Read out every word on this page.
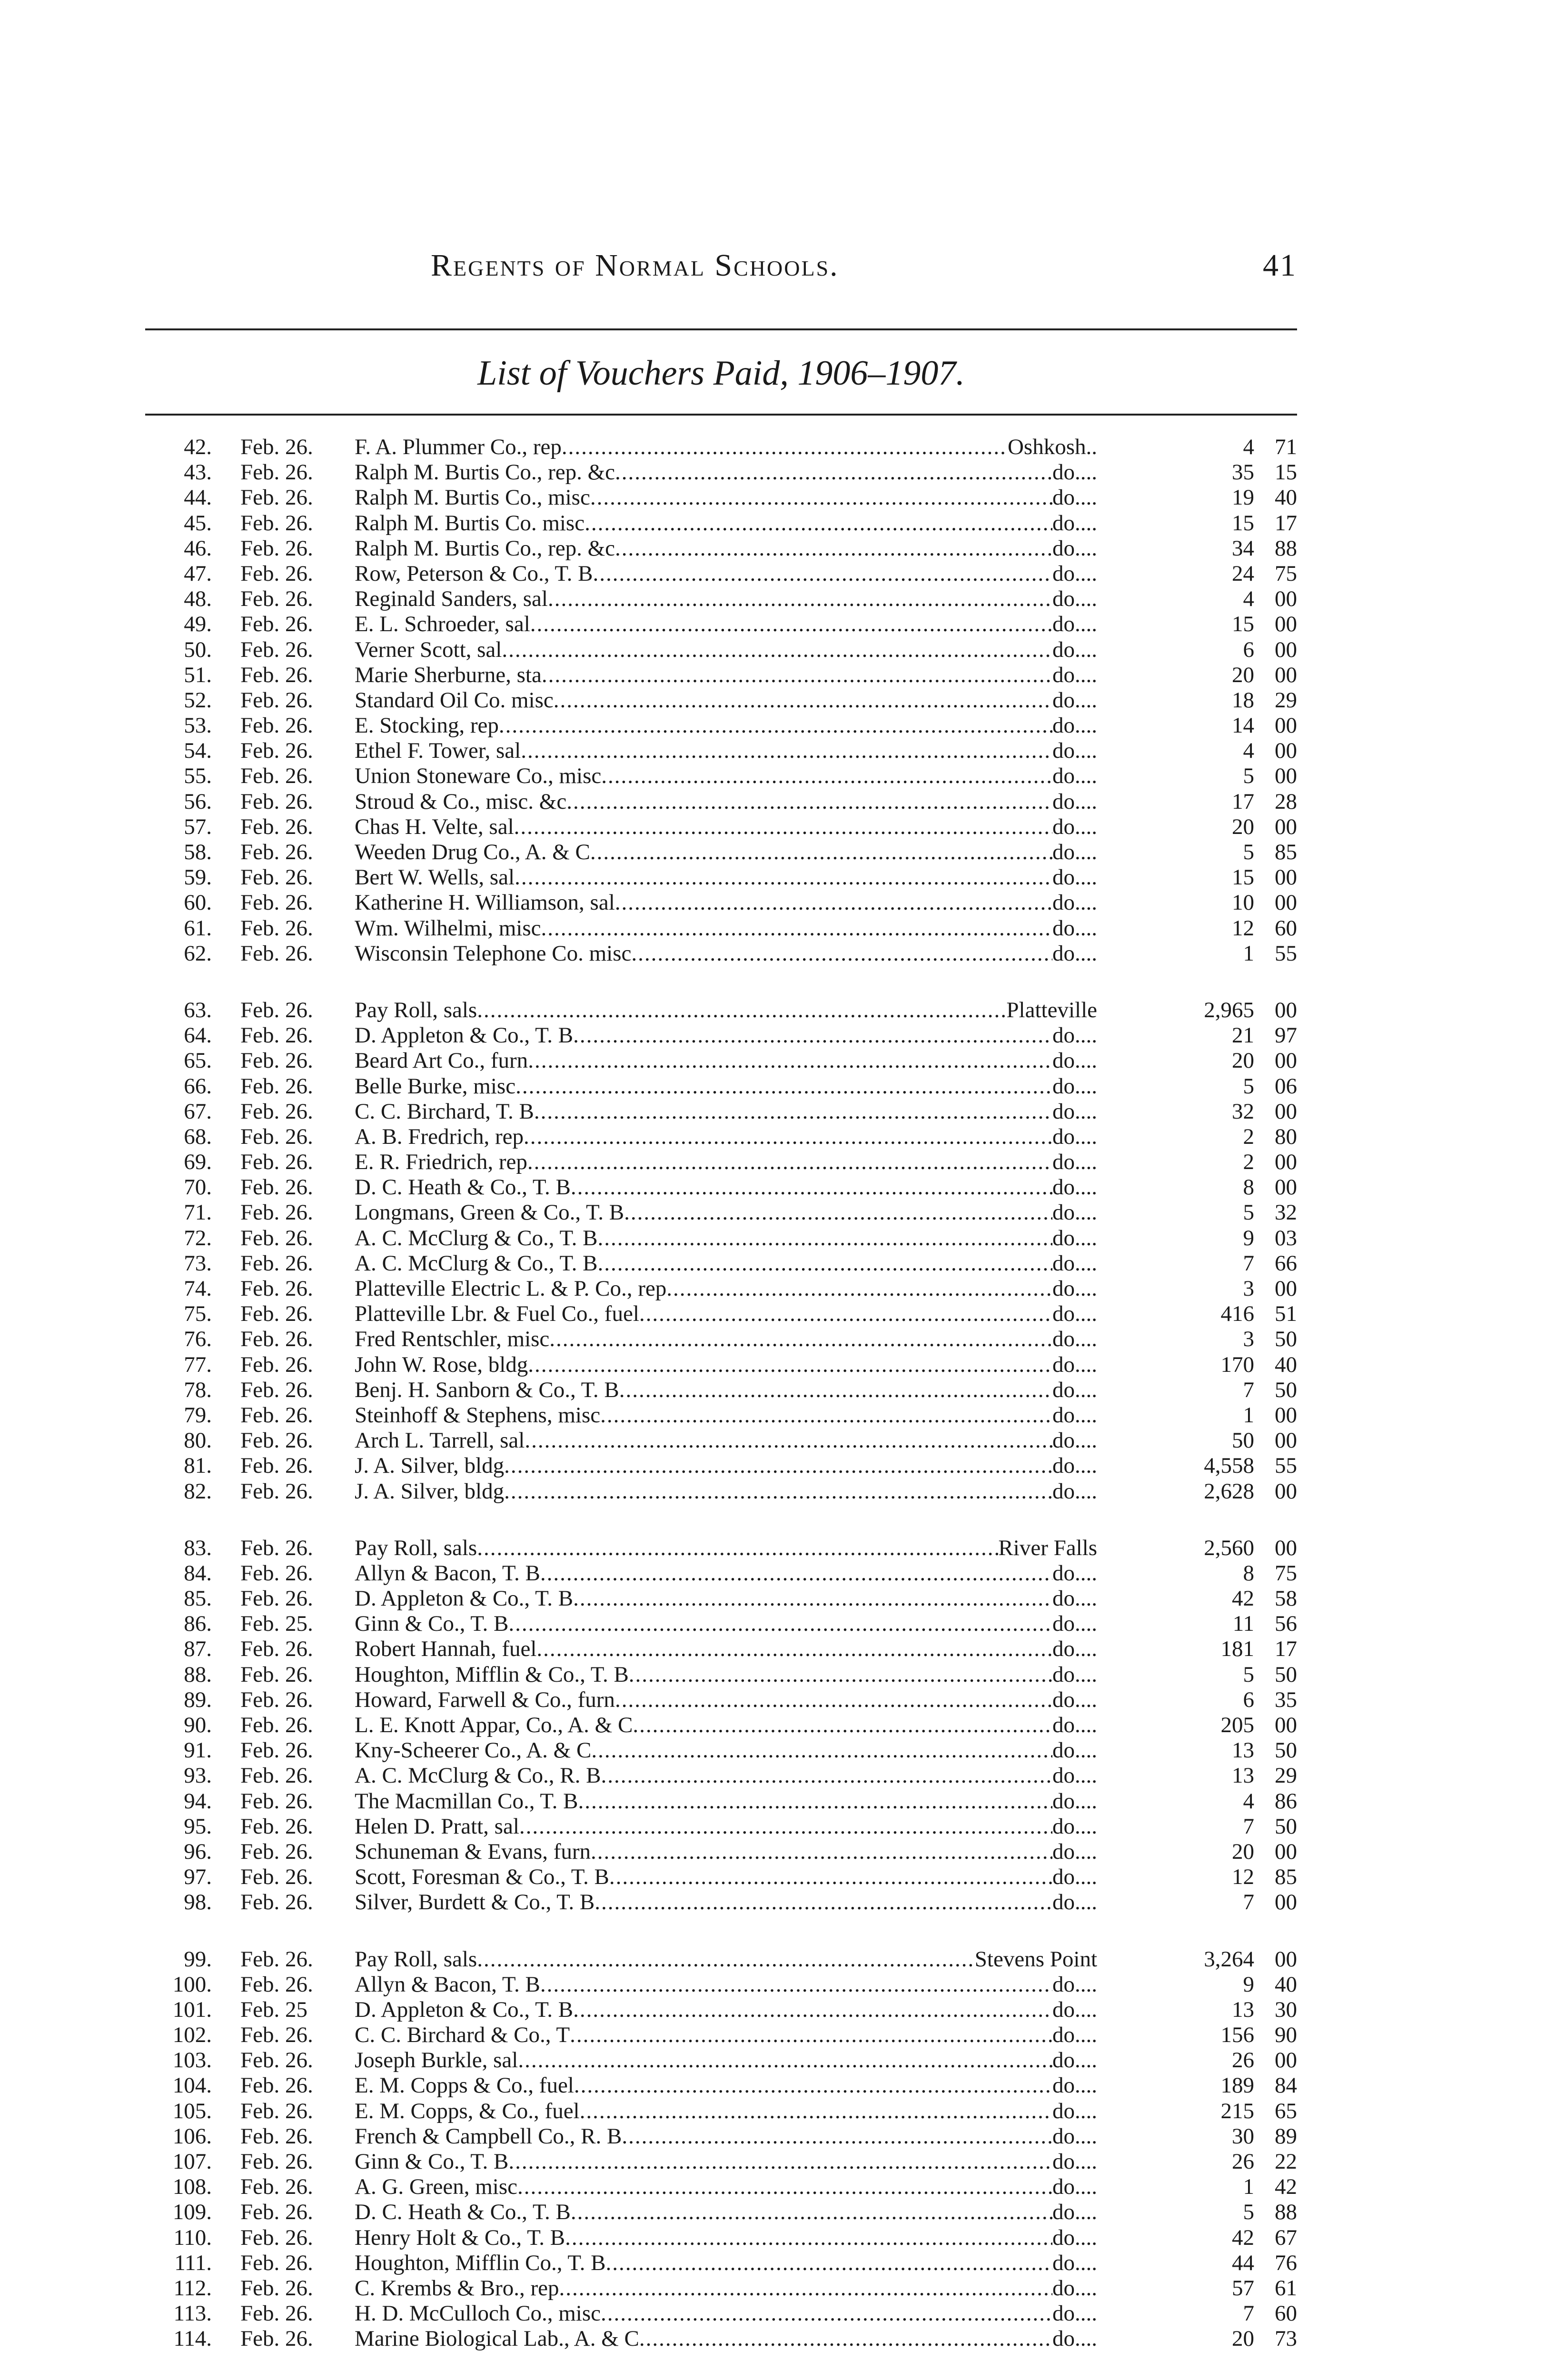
Regents of Normal Schools.	41
List of Vouchers Paid, 1906–1907.
42.	Feb. 26.	F. A. Plummer Co., rep .....	Oshkosh..	4 71
43.	Feb. 26.	Ralph M. Burtis Co., rep. &c .....	do....	35 15
44.	Feb. 26.	Ralph M. Burtis Co., misc .....	do....	19 40
45.	Feb. 26.	Ralph M. Burtis Co. misc .....	do....	15 17
46.	Feb. 26.	Ralph M. Burtis Co., rep. &c .....	do....	34 88
47.	Feb. 26.	Row, Peterson & Co., T. B .....	do....	24 75
48.	Feb. 26.	Reginald Sanders, sal .....	do....	4 00
49.	Feb. 26.	E. L. Schroeder, sal .....	do....	15 00
50.	Feb. 26.	Verner Scott, sal .....	do....	6 00
51.	Feb. 26.	Marie Sherburne, sta .....	do....	20 00
52.	Feb. 26.	Standard Oil Co. misc .....	do....	18 29
53.	Feb. 26.	E. Stocking, rep .....	do....	14 00
54.	Feb. 26.	Ethel F. Tower, sal .....	do....	4 00
55.	Feb. 26.	Union Stoneware Co., misc .....	do....	5 00
56.	Feb. 26.	Stroud & Co., misc. &c .....	do....	17 28
57.	Feb. 26.	Chas H. Velte, sal .....	do....	20 00
58.	Feb. 26.	Weeden Drug Co., A. & C .....	do....	5 85
59.	Feb. 26.	Bert W. Wells, sal .....	do....	15 00
60.	Feb. 26.	Katherine H. Williamson, sal .....	do....	10 00
61.	Feb. 26.	Wm. Wilhelmi, misc .....	do....	12 60
62.	Feb. 26.	Wisconsin Telephone Co. misc .....	do....	1 55
63.	Feb. 26.	Pay Roll, sals .....	Platteville	2,965 00
64.	Feb. 26.	D. Appleton & Co., T. B .....	do....	21 97
65.	Feb. 26.	Beard Art Co., furn .....	do....	20 00
66.	Feb. 26.	Belle Burke, misc .....	do....	5 06
67.	Feb. 26.	C. C. Birchard, T. B .....	do....	32 00
68.	Feb. 26.	A. B. Fredrich, rep .....	do....	2 80
69.	Feb. 26.	E. R. Friedrich, rep .....	do....	2 00
70.	Feb. 26.	D. C. Heath & Co., T. B .....	do....	8 00
71.	Feb. 26.	Longmans, Green & Co., T. B .....	do....	5 32
72.	Feb. 26.	A. C. McClurg & Co., T. B .....	do....	9 03
73.	Feb. 26.	A. C. McClurg & Co., T. B .....	do....	7 66
74.	Feb. 26.	Platteville Electric L. & P. Co., rep .....	do....	3 00
75.	Feb. 26.	Platteville Lbr. & Fuel Co., fuel .....	do....	416 51
76.	Feb. 26.	Fred Rentschler, misc .....	do....	3 50
77.	Feb. 26.	John W. Rose, bldg .....	do....	170 40
78.	Feb. 26.	Benj. H. Sanborn & Co., T. B .....	do....	7 50
79.	Feb. 26.	Steinhoff & Stephens, misc .....	do....	1 00
80.	Feb. 26.	Arch L. Tarrell, sal .....	do....	50 00
81.	Feb. 26.	J. A. Silver, bldg .....	do....	4,558 55
82.	Feb. 26.	J. A. Silver, bldg .....	do....	2,628 00
83.	Feb. 26.	Pay Roll, sals .....	River Falls	2,560 00
84.	Feb. 26.	Allyn & Bacon, T. B .....	do....	8 75
85.	Feb. 26.	D. Appleton & Co., T. B .....	do....	42 58
86.	Feb. 25.	Ginn & Co., T. B .....	do....	11 56
87.	Feb. 26.	Robert Hannah, fuel .....	do....	181 17
88.	Feb. 26.	Houghton, Mifflin & Co., T. B .....	do....	5 50
89.	Feb. 26.	Howard, Farwell & Co., furn .....	do....	6 35
90.	Feb. 26.	L. E. Knott Appar, Co., A. & C .....	do....	205 00
91.	Feb. 26.	Kny-Scheerer Co., A. & C .....	do....	13 50
93.	Feb. 26.	A. C. McClurg & Co., R. B .....	do....	13 29
94.	Feb. 26.	The Macmillan Co., T. B .....	do....	4 86
95.	Feb. 26.	Helen D. Pratt, sal .....	do....	7 50
96.	Feb. 26.	Schuneman & Evans, furn .....	do....	20 00
97.	Feb. 26.	Scott, Foresman & Co., T. B .....	do....	12 85
98.	Feb. 26.	Silver, Burdett & Co., T. B .....	do....	7 00
99.	Feb. 26.	Pay Roll, sals .....	Stevens Point	3,264 00
100.	Feb. 26.	Allyn & Bacon, T. B .....	do....	9 40
101.	Feb. 25	D. Appleton & Co., T. B .....	do....	13 30
102.	Feb. 26.	C. C. Birchard & Co., T .....	do....	156 90
103.	Feb. 26.	Joseph Burkle, sal .....	do....	26 00
104.	Feb. 26.	E. M. Copps & Co., fuel .....	do....	189 84
105.	Feb. 26.	E. M. Copps, & Co., fuel .....	do....	215 65
106.	Feb. 26.	French & Campbell Co., R. B .....	do....	30 89
107.	Feb. 26.	Ginn & Co., T. B .....	do....	26 22
108.	Feb. 26.	A. G. Green, misc .....	do....	1 42
109.	Feb. 26.	D. C. Heath & Co., T. B .....	do....	5 88
110.	Feb. 26.	Henry Holt & Co., T. B .....	do....	42 67
111.	Feb. 26.	Houghton, Mifflin Co., T. B .....	do....	44 76
112.	Feb. 26.	C. Krembs & Bro., rep .....	do....	57 61
113.	Feb. 26.	H. D. McCulloch Co., misc .....	do....	7 60
114.	Feb. 26.	Marine Biological Lab., A. & C .....	do....	20 73
